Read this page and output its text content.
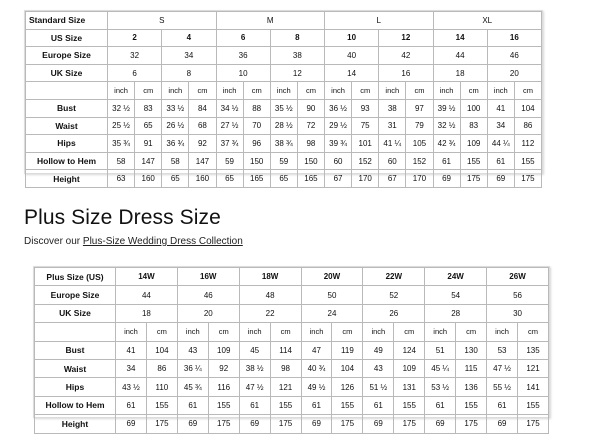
Standard Size	S				M				L				XL			
US Size	2		4		6		8		10		12		14		16	
Europe Size	32		34		36		38		40		42		44		46	
UK Size	6		8		10		12		14		16		18		20	
	inch	cm	inch	cm	inch	cm	inch	cm	inch	cm	inch	cm	inch	cm	inch	cm
Bust	32 ½	83	33 ½	84	34 ½	88	35 ½	90	36 ½	93	38	97	39 ½	100	41	104
Waist	25 ½	65	26 ½	68	27 ½	70	28 ½	72	29 ½	75	31	79	32 ½	83	34	86
Hips	35 ¾	91	36 ¾	92	37 ¾	96	38 ¾	98	39 ¾	101	41 ¼	105	42 ¾	109	44 ¼	112
Hollow to Hem	58	147	58	147	59	150	59	150	60	152	60	152	61	155	61	155
Height	63	160	65	160	65	165	65	165	67	170	67	170	69	175	69	175
Plus Size Dress Size
Discover our Plus-Size Wedding Dress Collection
Plus Size (US)	14W		16W		18W		20W		22W		24W		26W	
Europe Size	44		46		48		50		52		54		56	
UK Size	18		20		22		24		26		28		30	
	inch	cm	inch	cm	inch	cm	inch	cm	inch	cm	inch	cm	inch	cm
Bust	41	104	43	109	45	114	47	119	49	124	51	130	53	135
Waist	34	86	36 ¼	92	38 ½	98	40 ¾	104	43	109	45 ¼	115	47 ½	121
Hips	43 ½	110	45 ¾	116	47 ½	121	49 ½	126	51 ½	131	53 ½	136	55 ½	141
Hollow to Hem	61	155	61	155	61	155	61	155	61	155	61	155	61	155
Height	69	175	69	175	69	175	69	175	69	175	69	175	69	175
